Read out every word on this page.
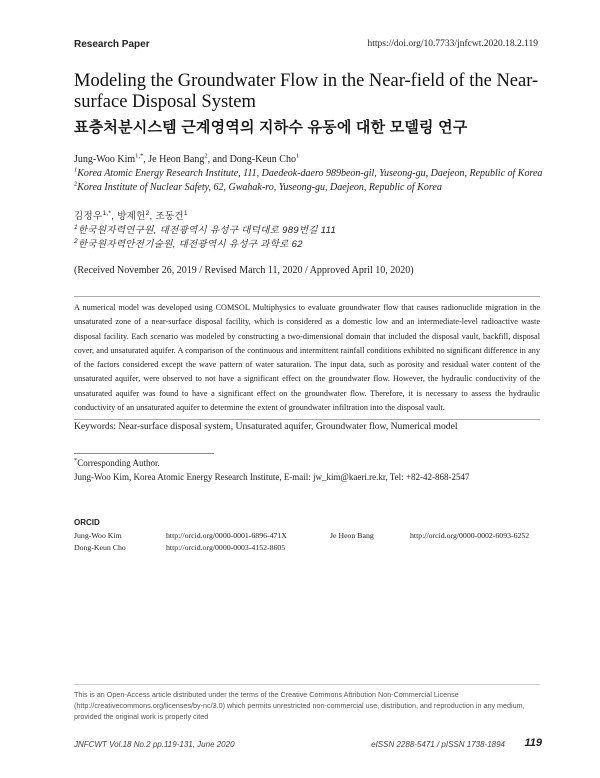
Research Paper	https://doi.org/10.7733/jnfcwt.2020.18.2.119
Modeling the Groundwater Flow in the Near-field of the Near-surface Disposal System
표층처분시스템 근계영역의 지하수 유동에 대한 모델링 연구
Jung-Woo Kim$^{1,*}$, Je Heon Bang$^2$, and Dong-Keun Cho$^1$
$^1$Korea Atomic Energy Research Institute, 111, Daedeok-daero 989beon-gil, Yuseong-gu, Daejeon, Republic of Korea
$^2$Korea Institute of Nuclear Safety, 62, Gwahak-ro, Yuseong-gu, Daejeon, Republic of Korea
김정우$^{1,*}$, 방제헌$^2$, 조동건$^1$
$^1$한국원자력연구원, 대전광역시 유성구 대덕대로 989번길 111
$^2$한국원자력안전기술원, 대전광역시 유성구 과학로 62
(Received November 26, 2019 / Revised March 11, 2020 / Approved April 10, 2020)

A numerical model was developed using COMSOL Multiphysics to evaluate groundwater flow that causes radionuclide migration in the unsaturated zone of a near-surface disposal facility, which is considered as a domestic low and an intermediate-level radioactive waste disposal facility. Each scenario was modeled by constructing a two-dimensional domain that included the disposal vault, backfill, disposal cover, and unsaturated aquifer. A comparison of the continuous and intermittent rainfall conditions exhibited no significant difference in any of the factors considered except the wave pattern of water saturation. The input data, such as porosity and residual water content of the unsaturated aquifer, were observed to not have a significant effect on the groundwater flow. However, the hydraulic conductivity of the unsaturated aquifer was found to have a significant effect on the groundwater flow. Therefore, it is necessary to assess the hydraulic conductivity of an unsaturated aquifer to determine the extent of groundwater infiltration into the disposal vault.

Keywords: Near-surface disposal system, Unsaturated aquifer, Groundwater flow, Numerical model
*Corresponding Author.
Jung-Woo Kim, Korea Atomic Energy Research Institute, E-mail: jw_kim@kaeri.re.kr, Tel: +82-42-868-2547
ORCID
Jung-Woo Kim	http://orcid.org/0000-0001-6896-471X	Je Heon Bang	http://orcid.org/0000-0002-6093-6252
Dong-Keun Cho	http://orcid.org/0000-0003-4152-8605
This is an Open-Access article distributed under the terms of the Creative Commons Attribution Non-Commercial License (http://creativecommons.org/licenses/by-nc/3.0) which permits unrestricted non-commercial use, distribution, and reproduction in any medium, provided the original work is properly cited
JNFCWT Vol.18 No.2 pp.119-131, June 2020	eISSN 2288-5471 / pISSN 1738-1894 119
